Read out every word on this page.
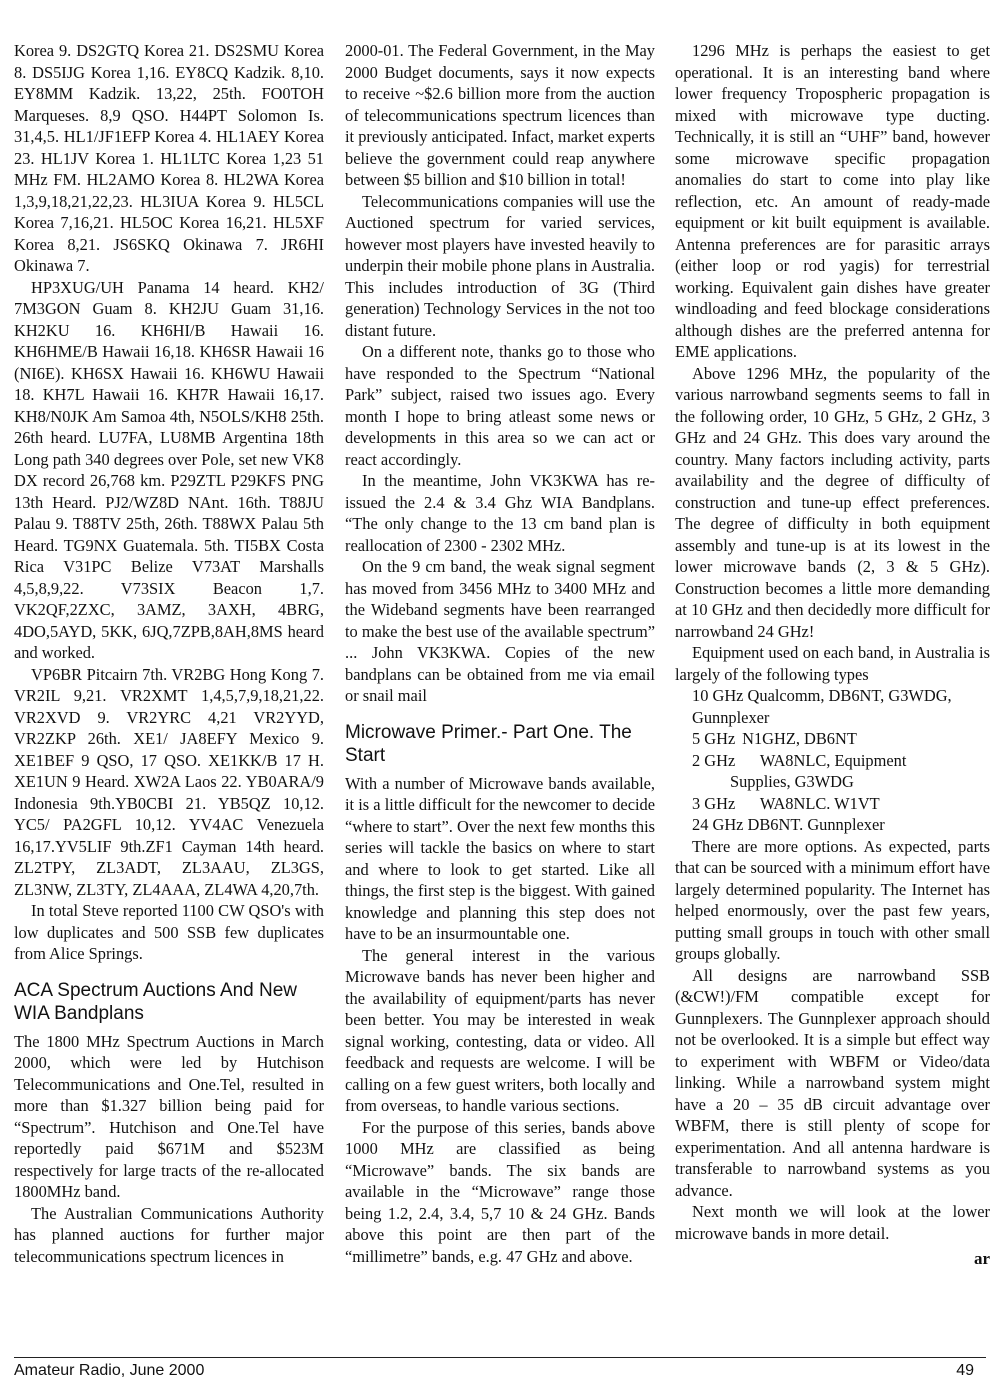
Korea 9. DS2GTQ Korea 21. DS2SMU Korea 8. DS5IJG Korea 1,16. EY8CQ Kadzik. 8,10. EY8MM Kadzik. 13,22, 25th. FO0TOH Marqueses. 8,9 QSO. H44PT Solomon Is. 31,4,5. HL1/JF1EFP Korea 4. HL1AEY Korea 23. HL1JV Korea 1. HL1LTC Korea 1,23 51 MHz FM. HL2AMO Korea 8. HL2WA Korea 1,3,9,18,21,22,23. HL3IUA Korea 9. HL5CL Korea 7,16,21. HL5OC Korea 16,21. HL5XF Korea 8,21. JS6SKQ Okinawa 7. JR6HI Okinawa 7.

HP3XUG/UH Panama 14 heard. KH2/ 7M3GON Guam 8. KH2JU Guam 31,16. KH2KU 16. KH6HI/B Hawaii 16. KH6HME/B Hawaii 16,18. KH6SR Hawaii 16 (NI6E). KH6SX Hawaii 16. KH6WU Hawaii 18. KH7L Hawaii 16. KH7R Hawaii 16,17. KH8/N0JK Am Samoa 4th, N5OLS/KH8 25th. 26th heard. LU7FA, LU8MB Argentina 18th Long path 340 degrees over Pole, set new VK8 DX record 26,768 km. P29ZTL P29KFS PNG 13th Heard. PJ2/WZ8D NAnt. 16th. T88JU Palau 9. T88TV 25th, 26th. T88WX Palau 5th Heard. TG9NX Guatemala. 5th. TI5BX Costa Rica V31PC Belize V73AT Marshalls 4,5,8,9,22. V73SIX Beacon 1,7. VK2QF,2ZXC, 3AMZ, 3AXH, 4BRG, 4DO,5AYD, 5KK, 6JQ,7ZPB,8AH,8MS heard and worked.

VP6BR Pitcairn 7th. VR2BG Hong Kong 7. VR2IL 9,21. VR2XMT 1,4,5,7,9,18,21,22. VR2XVD 9. VR2YRC 4,21 VR2YYD, VR2ZKP 26th. XE1/ JA8EFY Mexico 9. XE1BEF 9 QSO, 17 QSO. XE1KK/B 17 H. XE1UN 9 Heard. XW2A Laos 22. YB0ARA/9 Indonesia 9th.YB0CBI 21. YB5QZ 10,12. YC5/ PA2GFL 10,12. YV4AC Venezuela 16,17.YV5LIF 9th.ZF1 Cayman 14th heard. ZL2TPY, ZL3ADT, ZL3AAU, ZL3GS, ZL3NW, ZL3TY, ZL4AAA, ZL4WA 4,20,7th.

In total Steve reported 1100 CW QSO's with low duplicates and 500 SSB few duplicates from Alice Springs.

ACA Spectrum Auctions And New WIA Bandplans

The 1800 MHz Spectrum Auctions in March 2000, which were led by Hutchison Telecommunications and One.Tel, resulted in more than $1.327 billion being paid for “Spectrum”. Hutchison and One.Tel have reportedly paid $671M and $523M respectively for large tracts of the re-allocated 1800MHz band.

The Australian Communications Authority has planned auctions for further major telecommunications spectrum licences in

2000-01. The Federal Government, in the May 2000 Budget documents, says it now expects to receive ~$2.6 billion more from the auction of telecommunications spectrum licences than it previously anticipated. Infact, market experts believe the government could reap anywhere between $5 billion and $10 billion in total!

Telecommunications companies will use the Auctioned spectrum for varied services, however most players have invested heavily to underpin their mobile phone plans in Australia. This includes introduction of 3G (Third generation) Technology Services in the not too distant future.

On a different note, thanks go to those who have responded to the Spectrum “National Park” subject, raised two issues ago. Every month I hope to bring atleast some news or developments in this area so we can act or react accordingly.

In the meantime, John VK3KWA has re-issued the 2.4 & 3.4 Ghz WIA Bandplans. “The only change to the 13 cm band plan is reallocation of 2300 - 2302 MHz.

On the 9 cm band, the weak signal segment has moved from 3456 MHz to 3400 MHz and the Wideband segments have been rearranged to make the best use of the available spectrum” ... John VK3KWA. Copies of the new bandplans can be obtained from me via email or snail mail

Microwave Primer.- Part One. The Start

With a number of Microwave bands available, it is a little difficult for the newcomer to decide “where to start”. Over the next few months this series will tackle the basics on where to start and where to look to get started. Like all things, the first step is the biggest. With gained knowledge and planning this step does not have to be an insurmountable one.

The general interest in the various Microwave bands has never been higher and the availability of equipment/parts has never been better. You may be interested in weak signal working, contesting, data or video. All feedback and requests are welcome. I will be calling on a few guest writers, both locally and from overseas, to handle various sections.

For the purpose of this series, bands above 1000 MHz are classified as being “Microwave” bands. The six bands are available in the “Microwave” range those being 1.2, 2.4, 3.4, 5,7 10 & 24 GHz. Bands above this point are then part of the “millimetre” bands, e.g. 47 GHz and above.

1296 MHz is perhaps the easiest to get operational. It is an interesting band where lower frequency Tropospheric propagation is mixed with microwave type ducting. Technically, it is still an “UHF” band, however some microwave specific propagation anomalies do start to come into play like reflection, etc. An amount of ready-made equipment or kit built equipment is available. Antenna preferences are for parasitic arrays (either loop or rod yagis) for terrestrial working. Equivalent gain dishes have greater windloading and feed blockage considerations although dishes are the preferred antenna for EME applications.

Above 1296 MHz, the popularity of the various narrowband segments seems to fall in the following order, 10 GHz, 5 GHz, 2 GHz, 3 GHz and 24 GHz. This does vary around the country. Many factors including activity, parts availability and the degree of difficulty of construction and tune-up effect preferences. The degree of difficulty in both equipment assembly and tune-up is at its lowest in the lower microwave bands (2, 3 & 5 GHz). Construction becomes a little more demanding at 10 GHz and then decidedly more difficult for narrowband 24 GHz!

Equipment used on each band, in Australia is largely of the following types

10 GHz Qualcomm, DB6NT, G3WDG, Gunnplexer
5 GHz N1GHZ, DB6NT
2 GHz WA8NLC, Equipment
Supplies, G3WDG
3 GHz WA8NLC. W1VT
24 GHz DB6NT. Gunnplexer

There are more options. As expected, parts that can be sourced with a minimum effort have largely determined popularity. The Internet has helped enormously, over the past few years, putting small groups in touch with other small groups globally.

All designs are narrowband SSB (&CW!)/FM compatible except for Gunnplexers. The Gunnplexer approach should not be overlooked. It is a simple but effect way to experiment with WBFM or Video/data linking. While a narrowband system might have a 20 – 35 dB circuit advantage over WBFM, there is still plenty of scope for experimentation. And all antenna hardware is transferable to narrowband systems as you advance.

Next month we will look at the lower microwave bands in more detail.

ar
Amateur Radio, June 2000	49
